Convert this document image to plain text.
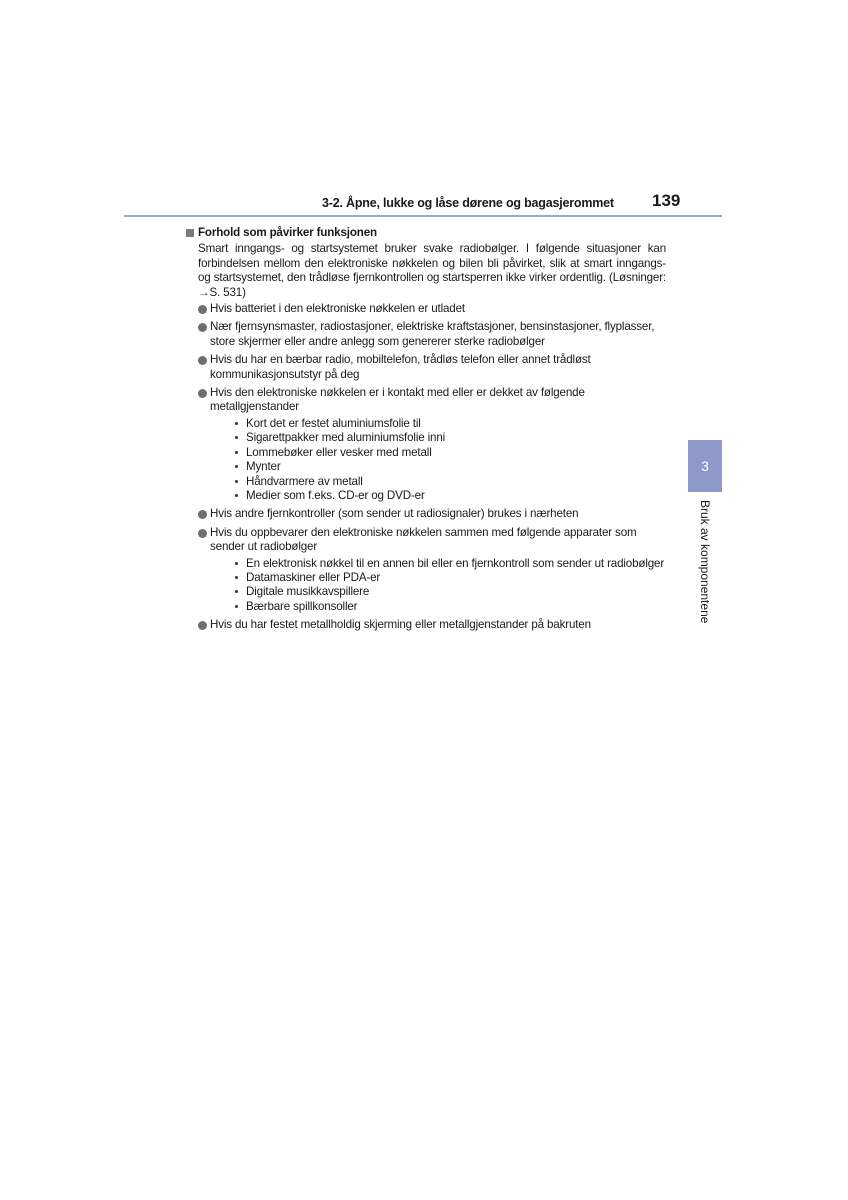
3-2. Åpne, lukke og låse dørene og bagasjerommet 139
Forhold som påvirker funksjonen
Smart inngangs- og startsystemet bruker svake radiobølger. I følgende situasjoner kan forbindelsen mellom den elektroniske nøkkelen og bilen bli påvirket, slik at smart inngangs- og startsystemet, den trådløse fjernkontrollen og startsperren ikke virker ordentlig. (Løsninger: →S. 531)
Hvis batteriet i den elektroniske nøkkelen er utladet
Nær fjernsynsmaster, radiostasjoner, elektriske kraftstasjoner, bensinstasjoner, flyplasser, store skjermer eller andre anlegg som genererer sterke radiobølger
Hvis du har en bærbar radio, mobiltelefon, trådløs telefon eller annet trådløst kommunikasjonsutstyr på deg
Hvis den elektroniske nøkkelen er i kontakt med eller er dekket av følgende metallgjenstander
Kort det er festet aluminiumsfolie til
Sigarettpakker med aluminiumsfolie inni
Lommebøker eller vesker med metall
Mynter
Håndvarmere av metall
Medier som f.eks. CD-er og DVD-er
Hvis andre fjernkontroller (som sender ut radiosignaler) brukes i nærheten
Hvis du oppbevarer den elektroniske nøkkelen sammen med følgende apparater som sender ut radiobølger
En elektronisk nøkkel til en annen bil eller en fjernkontroll som sender ut radiobølger
Datamaskiner eller PDA-er
Digitale musikkavspillere
Bærbare spillkonsoller
Hvis du har festet metallholdig skjerming eller metallgjenstander på bakruten
3
Bruk av komponentene
